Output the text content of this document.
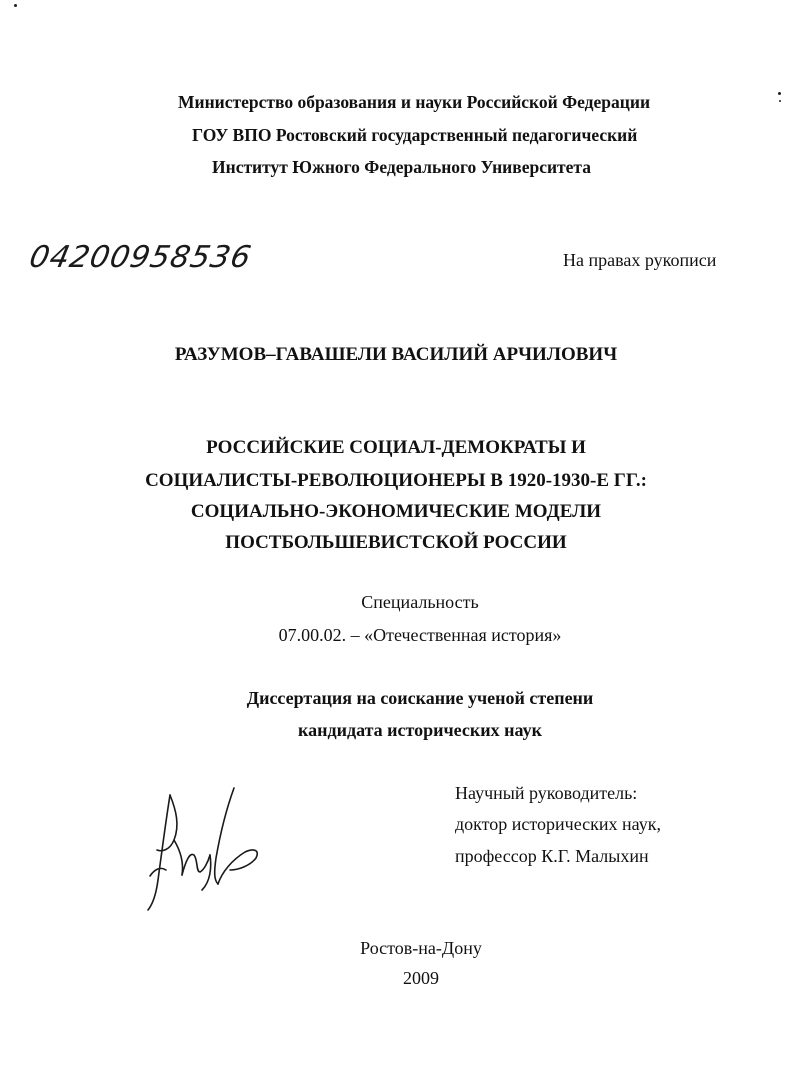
Министерство образования и науки Российской Федерации
ГОУ ВПО Ростовский государственный педагогический
Институт Южного Федерального Университета
04200958536	На правах рукописи
РАЗУМОВ–ГАВАШЕЛИ ВАСИЛИЙ АРЧИЛОВИЧ
РОССИЙСКИЕ СОЦИАЛ-ДЕМОКРАТЫ И
СОЦИАЛИСТЫ-РЕВОЛЮЦИОНЕРЫ В 1920-1930-Е ГГ.:
СОЦИАЛЬНО-ЭКОНОМИЧЕСКИЕ МОДЕЛИ
ПОСТБОЛЬШЕВИСТСКОЙ РОССИИ
Специальность
07.00.02. – «Отечественная история»
Диссертация на соискание ученой степени
кандидата исторических наук
Научный руководитель:
доктор исторических наук,
профессор К.Г. Малыхин
Ростов-на-Дону
2009
